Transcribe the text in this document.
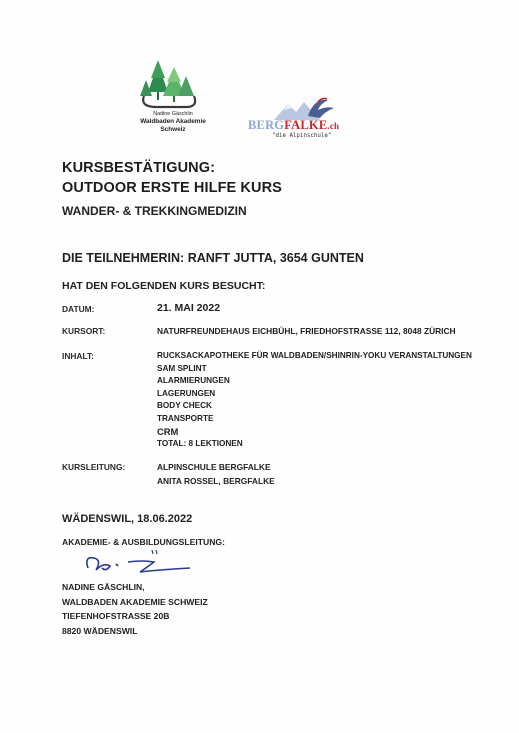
Nadine Gäschlin
Waldbaden Akademie
Schweiz	BERGFALKE.ch
"die Alpinschule"
KURSBESTÄTIGUNG:
OUTDOOR ERSTE HILFE KURS
WANDER- & TREKKINGMEDIZIN
DIE TEILNEHMERIN: RANFT JUTTA, 3654 GUNTEN
HAT DEN FOLGENDEN KURS BESUCHT:
DATUM:	21. MAI 2022
KURSORT:	NATURFREUNDEHAUS EICHBÜHL, FRIEDHOFSTRASSE 112, 8048 ZÜRICH
INHALT:	RUCKSACKAPOTHEKE FÜR WALDBADEN/SHINRIN-YOKU VERANSTALTUNGEN
SAM SPLINT
ALARMIERUNGEN
LAGERUNGEN
BODY CHECK
TRANSPORTE
CRM
TOTAL: 8 LEKTIONEN
KURSLEITUNG:	ALPINSCHULE BERGFALKE
ANITA ROSSEL, BERGFALKE
WÄDENSWIL, 18.06.2022
AKADEMIE- & AUSBILDUNGSLEITUNG:
NADINE GÄSCHLIN,
WALDBADEN AKADEMIE SCHWEIZ
TIEFENHOFSTRASSE 20B
8820 WÄDENSWIL
